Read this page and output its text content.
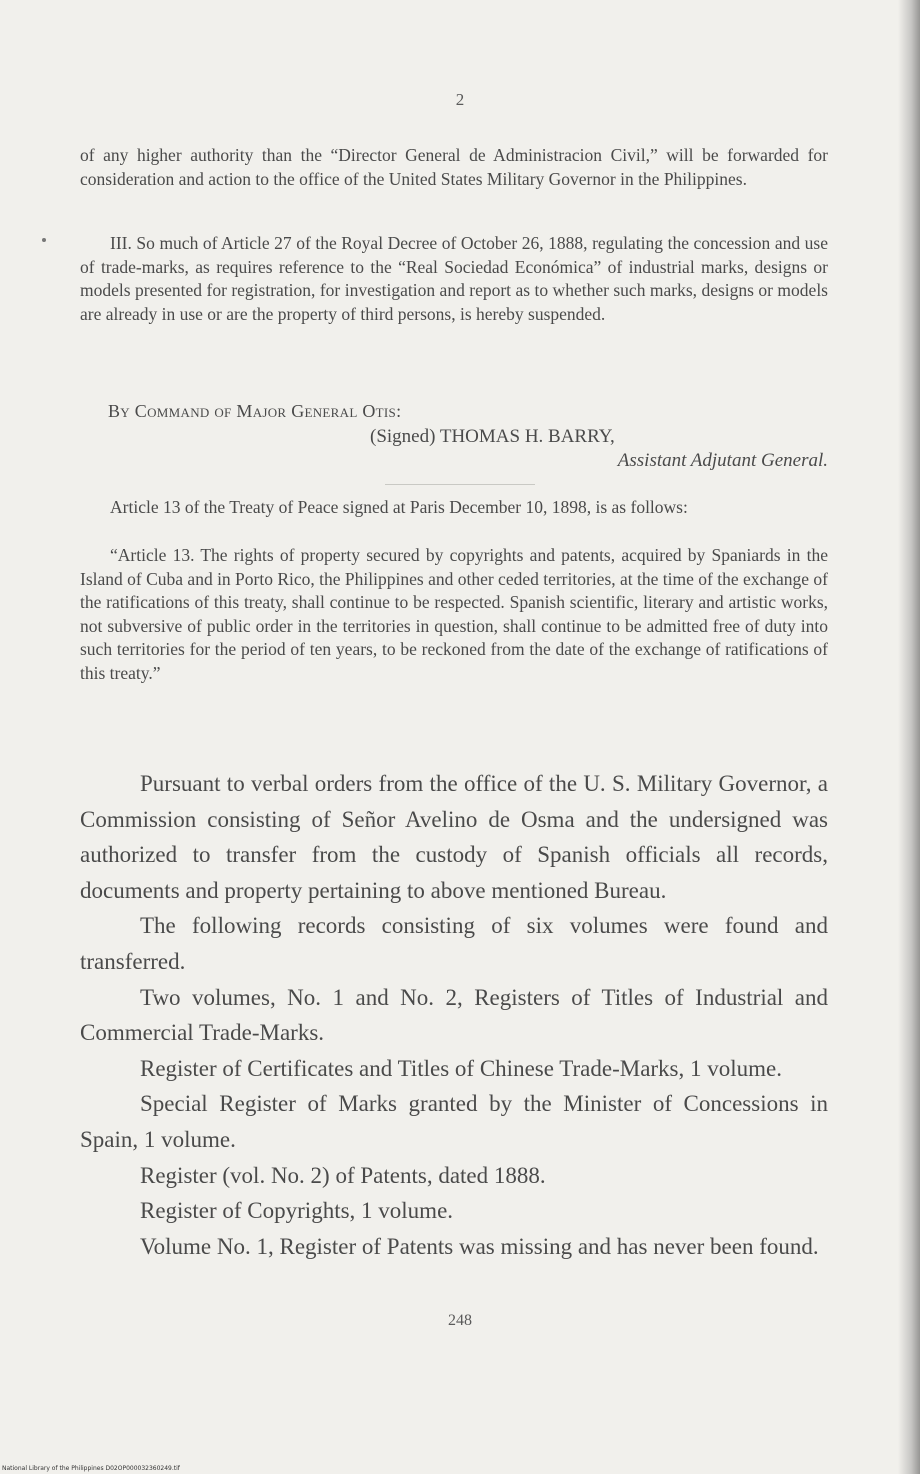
2

of any higher authority than the “Director General de Administracion Civil,” will be forwarded for consideration and action to the office of the United States Military Governor in the Philippines.

III. So much of Article 27 of the Royal Decree of October 26, 1888, regulating the concession and use of trade-marks, as requires reference to the “Real Sociedad Económica” of industrial marks, designs or models presented for registration, for investigation and report as to whether such marks, designs or models are already in use or are the property of third persons, is hereby suspended.

By Command of Major General Otis:
(Signed) THOMAS H. BARRY,
Assistant Adjutant General.

Article 13 of the Treaty of Peace signed at Paris December 10, 1898, is as follows:

“Article 13. The rights of property secured by copyrights and patents, acquired by Spaniards in the Island of Cuba and in Porto Rico, the Philippines and other ceded territories, at the time of the exchange of the ratifications of this treaty, shall continue to be respected. Spanish scientific, literary and artistic works, not subversive of public order in the territories in question, shall continue to be admitted free of duty into such territories for the period of ten years, to be reckoned from the date of the exchange of ratifications of this treaty.”

Pursuant to verbal orders from the office of the U. S. Military Governor, a Commission consisting of Señor Avelino de Osma and the undersigned was authorized to transfer from the custody of Spanish officials all records, documents and property pertaining to above mentioned Bureau.

The following records consisting of six volumes were found and transferred.

Two volumes, No. 1 and No. 2, Registers of Titles of Industrial and Commercial Trade-Marks.

Register of Certificates and Titles of Chinese Trade-Marks, 1 volume.

Special Register of Marks granted by the Minister of Concessions in Spain, 1 volume.

Register (vol. No. 2) of Patents, dated 1888.

Register of Copyrights, 1 volume.

Volume No. 1, Register of Patents was missing and has never been found.

248
National Library of the Philippines D02OP000032360249.tif
